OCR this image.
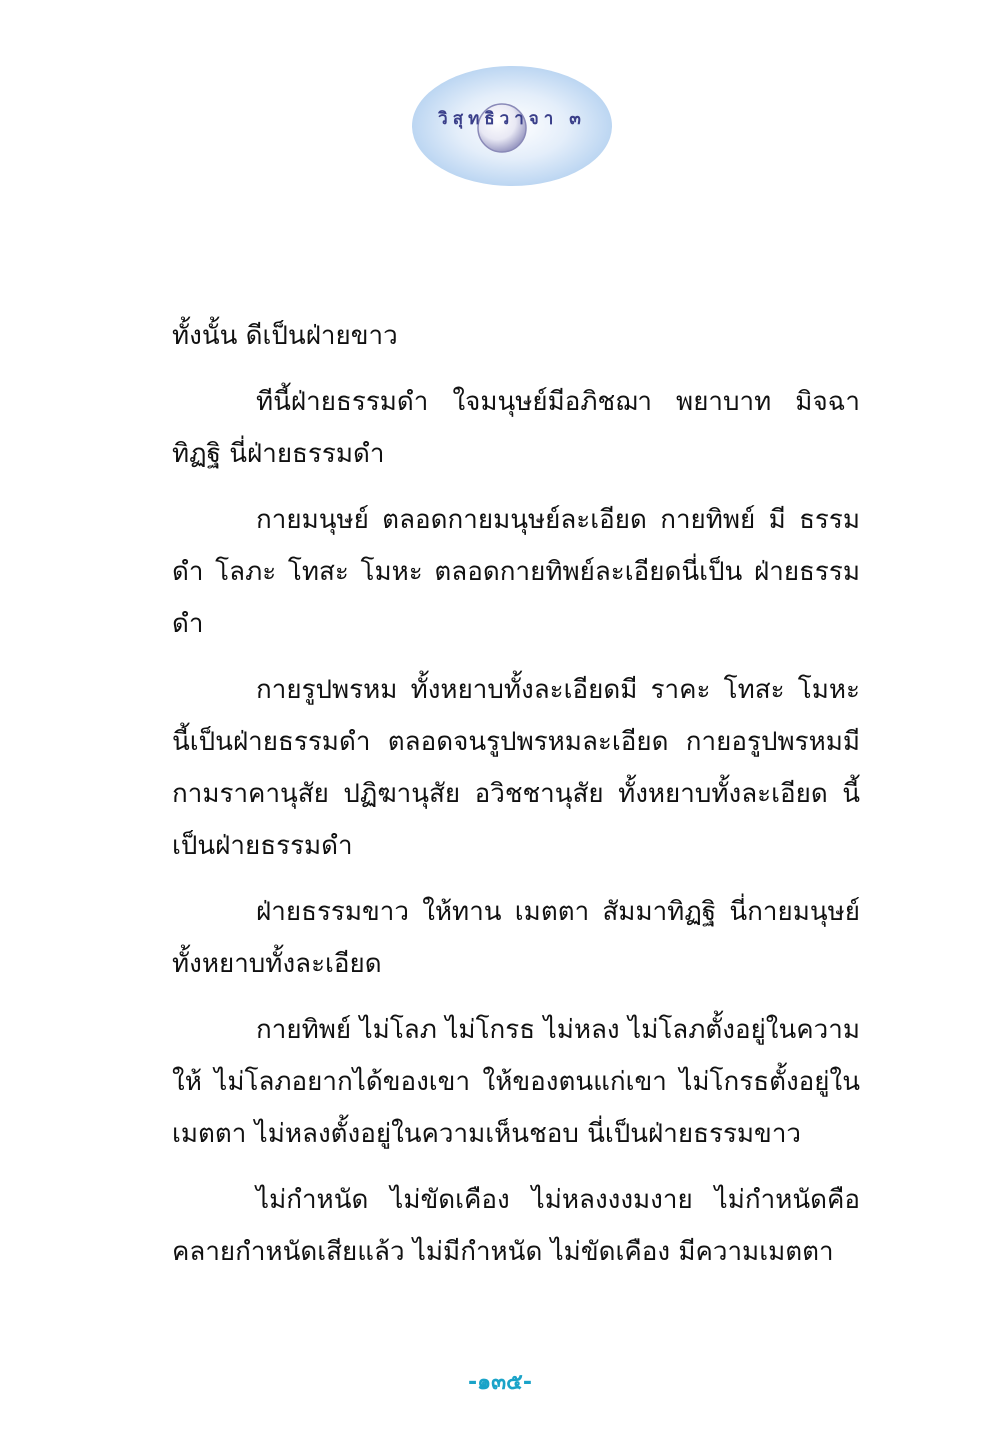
วิสุทธิวาจา ๓

ทั้งนั้น ดีเป็นฝ่ายขาว

ทีนี้ฝ่ายธรรมดำ ใจมนุษย์มีอภิชฌา พยาบาท มิจฉาทิฏฐิ นี่ฝ่ายธรรมดำ

กายมนุษย์ ตลอดกายมนุษย์ละเอียด กายทิพย์ มี ธรรมดำ โลภะ โทสะ โมหะ ตลอดกายทิพย์ละเอียดนี่เป็น ฝ่ายธรรมดำ

กายรูปพรหม ทั้งหยาบทั้งละเอียดมี ราคะ โทสะ โมหะ นี้เป็นฝ่ายธรรมดำ ตลอดจนรูปพรหมละเอียด กายอรูปพรหมมี กามราคานุสัย ปฏิฆานุสัย อวิชชานุสัย ทั้งหยาบทั้งละเอียด นี้เป็นฝ่ายธรรมดำ

ฝ่ายธรรมขาว ให้ทาน เมตตา สัมมาทิฏฐิ นี่กายมนุษย์ ทั้งหยาบทั้งละเอียด

กายทิพย์ ไม่โลภ ไม่โกรธ ไม่หลง ไม่โลภตั้งอยู่ในความให้ ไม่โลภอยากได้ของเขา ให้ของตนแก่เขา ไม่โกรธตั้งอยู่ในเมตตา ไม่หลงตั้งอยู่ในความเห็นชอบ นี่เป็นฝ่ายธรรมขาว

ไม่กำหนัด ไม่ขัดเคือง ไม่หลงงงมงาย ไม่กำหนัดคือ คลายกำหนัดเสียแล้ว ไม่มีกำหนัด ไม่ขัดเคือง มีความเมตตา

-๑๓๕-
